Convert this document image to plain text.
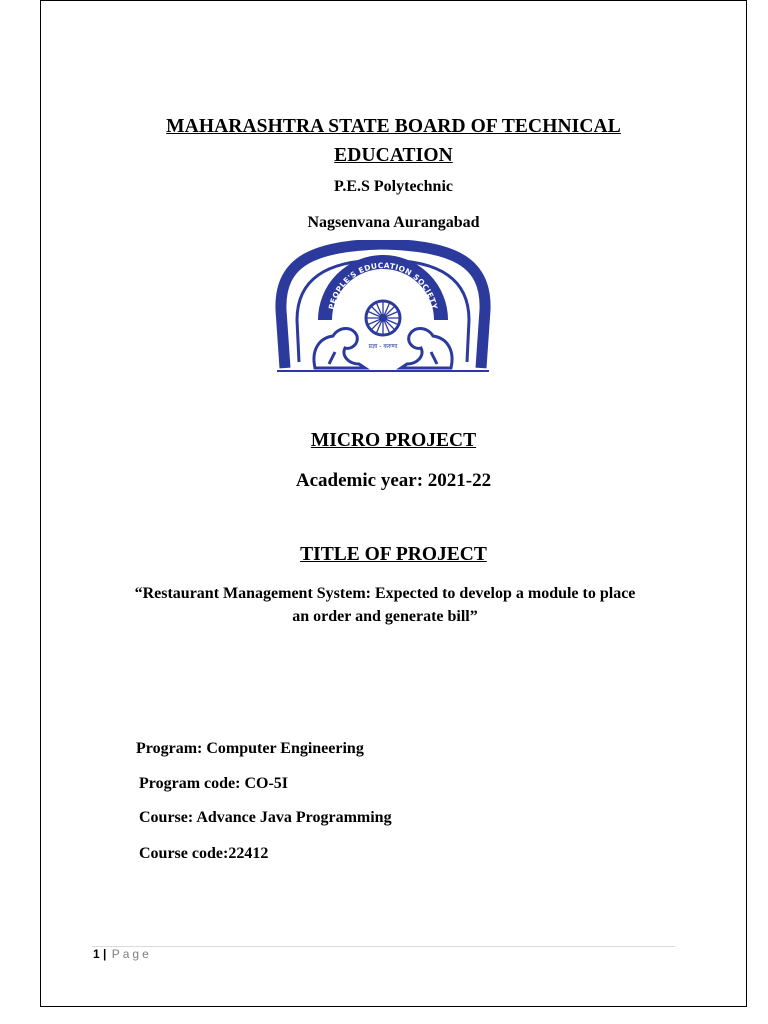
MAHARASHTRA STATE BOARD OF TECHNICAL
EDUCATION
P.E.S Polytechnic
Nagsenvana Aurangabad
PEOPLE'S EDUCATION SOCIETY
प्रज्ञा - करुणा
MICRO PROJECT
Academic year: 2021-22
TITLE OF PROJECT
“Restaurant Management System: Expected to develop a module to place
an order and generate bill”
Program: Computer Engineering
Program code: CO-5I
Course: Advance Java Programming
Course code:22412
1 | Page
